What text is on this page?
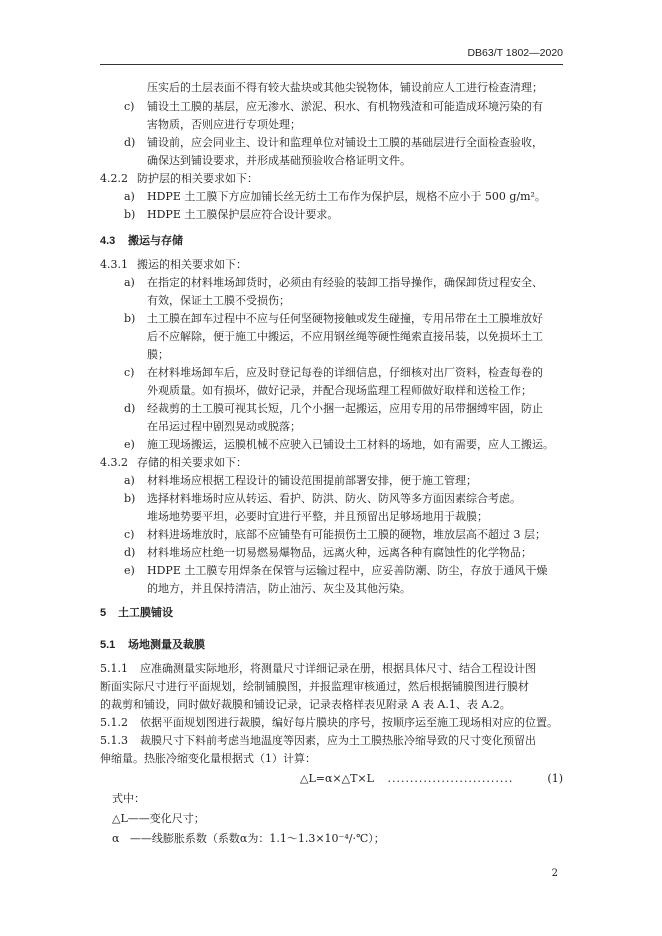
DB63/T 1802—2020
压实后的土层表面不得有较大盐块或其他尖锐物体，铺设前应人工进行检查清理；
c) 铺设土工膜的基层，应无渗水、淤泥、积水、有机物残渣和可能造成环境污染的有
害物质，否则应进行专项处理；
d) 铺设前，应会同业主、设计和监理单位对铺设土工膜的基础层进行全面检查验收，
确保达到铺设要求，并形成基础预验收合格证明文件。
4.2.2 防护层的相关要求如下：
a) HDPE 土工膜下方应加铺长丝无纺土工布作为保护层，规格不应小于 500 g/m²。
b) HDPE 土工膜保护层应符合设计要求。
4.3 搬运与存储
4.3.1 搬运的相关要求如下：
a) 在指定的材料堆场卸货时，必须由有经验的装卸工指导操作，确保卸货过程安全、
有效，保证土工膜不受损伤；
b) 土工膜在卸车过程中不应与任何坚硬物接触或发生碰撞，专用吊带在土工膜堆放好
后不应解除，便于施工中搬运，不应用钢丝绳等硬性绳索直接吊装，以免损坏土工
膜；
c) 在材料堆场卸车后，应及时登记每卷的详细信息，仔细核对出厂资料，检查每卷的
外观质量。如有损坏，做好记录，并配合现场监理工程师做好取样和送检工作；
d) 经裁剪的土工膜可视其长短，几个小捆一起搬运，应用专用的吊带捆缚牢固，防止
在吊运过程中剧烈晃动或脱落；
e) 施工现场搬运，运膜机械不应驶入已铺设土工材料的场地，如有需要，应人工搬运。
4.3.2 存储的相关要求如下：
a) 材料堆场应根据工程设计的铺设范围提前部署安排，便于施工管理；
b) 选择材料堆场时应从转运、看护、防洪、防火、防风等多方面因素综合考虑。
堆场地势要平坦，必要时宜进行平整，并且预留出足够场地用于裁膜；
c) 材料进场堆放时，底部不应铺垫有可能损伤土工膜的硬物，堆放层高不超过 3 层；
d) 材料堆场应杜绝一切易燃易爆物品，远离火种，远离各种有腐蚀性的化学物品；
e) HDPE 土工膜专用焊条在保管与运输过程中，应妥善防潮、防尘，存放于通风干燥
的地方，并且保持清洁，防止油污、灰尘及其他污染。
5 土工膜铺设
5.1 场地测量及裁膜
5.1.1 应准确测量实际地形，将测量尺寸详细记录在册，根据具体尺寸、结合工程设计图
断面实际尺寸进行平面规划，绘制铺膜图，并报监理审核通过，然后根据铺膜图进行膜材
的裁剪和铺设，同时做好裁膜和铺设记录，记录表格样表见附录 A 表 A.1、表 A.2。
5.1.2 依据平面规划图进行裁膜，编好每片膜块的序号，按顺序运至施工现场相对应的位置。
5.1.3 裁膜尺寸下料前考虑当地温度等因素，应为土工膜热胀冷缩导致的尺寸变化预留出
伸缩量。热胀冷缩变化量根据式（1）计算：
△L=α×△T×L ............................	(1)
式中：
△L——变化尺寸；
α   ——线膨胀系数（系数α为：1.1～1.3×10⁻⁴/·℃）；
2
